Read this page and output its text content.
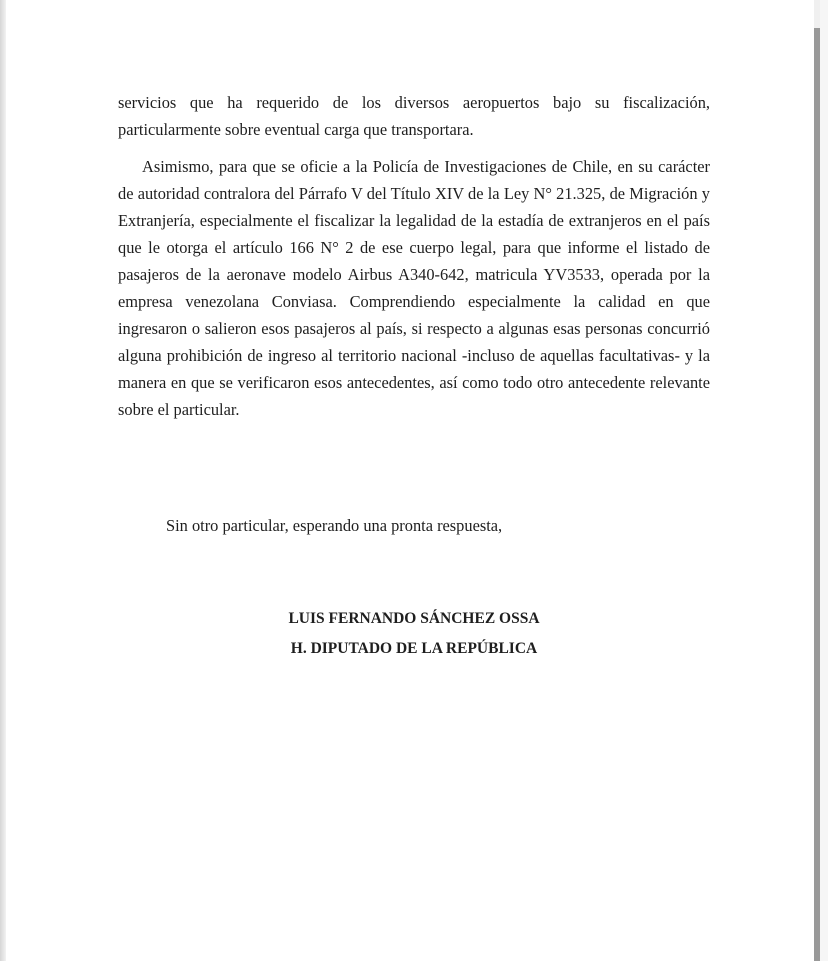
servicios que ha requerido de los diversos aeropuertos bajo su fiscalización, particularmente sobre eventual carga que transportara.

Asimismo, para que se oficie a la Policía de Investigaciones de Chile, en su carácter de autoridad contralora del Párrafo V del Título XIV de la Ley N° 21.325, de Migración y Extranjería, especialmente el fiscalizar la legalidad de la estadía de extranjeros en el país que le otorga el artículo 166 N° 2 de ese cuerpo legal, para que informe el listado de pasajeros de la aeronave modelo Airbus A340-642, matricula YV3533, operada por la empresa venezolana Conviasa. Comprendiendo especialmente la calidad en que ingresaron o salieron esos pasajeros al país, si respecto a algunas esas personas concurrió alguna prohibición de ingreso al territorio nacional -incluso de aquellas facultativas- y la manera en que se verificaron esos antecedentes, así como todo otro antecedente relevante sobre el particular.

Sin otro particular, esperando una pronta respuesta,

LUIS FERNANDO SÁNCHEZ OSSA
H. DIPUTADO DE LA REPÚBLICA
